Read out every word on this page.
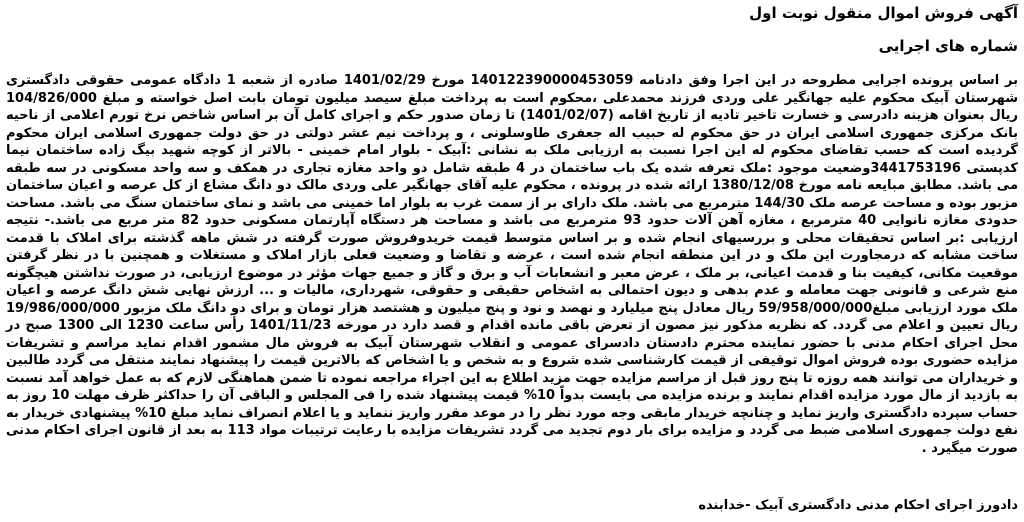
آگهی فروش اموال منقول نوبت اول
شماره های اجرایی

بر اساس پرونده اجرایی مطروحه در این اجرا وفق دادنامه 140122390000453059 مورخ 1401/02/29 صادره از شعبه 1 دادگاه عمومی حقوقی دادگستری شهرستان آبیک محکوم علیه جهانگیر علی وردی فرزند محمدعلی ،محکوم است به پرداخت مبلغ سیصد میلیون تومان بابت اصل خواسته و مبلغ 104/826/000 ریال بعنوان هزینه دادرسی و خسارت تاخیر تادیه از تاریخ اقامه (1401/02/07) تا زمان صدور حکم و اجرای کامل آن بر اساس شاخص نرخ تورم اعلامی از ناحیه بانک مرکزی جمهوری اسلامی ایران در حق محکوم له حبیب اله جعفری طاوسلونی ، و پرداخت نیم عشر دولتی در حق دولت جمهوری اسلامی ایران محکوم گردیده است که حسب تقاضای محکوم له این اجرا نسبت به ارزیابی ملک به نشانی :آبیک - بلوار امام خمینی - بالاتر از کوچه شهید بیگ زاده ساختمان نیما کدپستی 3441753196وضعیت موجود :ملک تعرفه شده یک باب ساختمان در 4 طبقه شامل دو واحد مغازه تجاری در همکف و سه واحد مسکونی در سه طبقه می باشد. مطابق مبایعه نامه مورخ 1380/12/08 ارائه شده در پرونده ، محکوم علیه آقای جهانگیر علی وردی مالک دو دانگ مشاع از کل عرصه و اعیان ساختمان مزبور بوده و مساحت عرصه ملک 144/30 مترمربع می باشد. ملک دارای بر از سمت غرب به بلوار اما خمینی می باشد و نمای ساختمان سنگ می باشد. مساحت حدودی مغازه نانوایی 40 مترمربع ، مغازه آهن آلات حدود 93 مترمربع می باشد و مساحت هر دستگاه آپارتمان مسکونی حدود 82 متر مربع می باشد.- نتیجه ارزیابی :بر اساس تحقیقات محلی و بررسیهای انجام شده و بر اساس متوسط قیمت خریدوفروش صورت گرفته در شش ماهه گذشته برای املاک با قدمت ساخت مشابه که درمجاورت این ملک و در این منطقه انجام شده است ، عرضه و تقاضا و وضعیت فعلی بازار املاک و مستغلات و همچنین با در نظر گرفتن موقعیت مکانی، کیفیت بنا و قدمت اعیانی، بر ملک ، عرض معبر و انشعابات آب و برق و گاز و جمیع جهات مؤثر در موضوع ارزیابی، در صورت نداشتن هیچگونه منع شرعی و قانونی جهت معامله و عدم بدهی و دیون احتمالی به اشخاص حقیقی و حقوقی، شهرداری، مالیات و ... ارزش نهایی شش دانگ عرصه و اعیان ملک مورد ارزیابی مبلغ59/958/000/000 ریال معادل پنج میلیارد و نهصد و نود و پنج میلیون و هشتصد هزار تومان و برای دو دانگ ملک مزبور 19/986/000/000 ریال تعیین و اعلام می گردد. که نظریه مذکور نیز مصون از تعرض باقی مانده اقدام و قصد دارد در مورخه 1401/11/23 رأس ساعت 1230 الی 1300 صبح در محل اجرای احکام مدنی با حضور نماینده محترم دادستان دادسرای عمومی و انقلاب شهرستان آبیک به فروش مال مشمور اقدام نماید مراسم و تشریفات مزایده حضوری بوده فروش اموال توقیفی از قیمت کارشناسی شده شروع و به شخص و یا اشخاص که بالاترین قیمت را پیشنهاد نمایند منتقل می گردد طالبین و خریداران می توانند همه روزه تا پنج روز قبل از مراسم مزایده جهت مزید اطلاع به این اجراء مراجعه نموده تا ضمن هماهنگی لازم که به عمل خواهد آمد نسبت به بازدید از مال مورد مزایده اقدام نمایند و برنده مزایده می بایست بدواً 10% قیمت پیشنهاد شده را فی المجلس و الباقی آن را حداکثر ظرف مهلت 10 روز به حساب سپرده دادگستری واریز نماید و چنانچه خریدار مابقی وجه مورد نظر را در موعد مقرر واریز ننماید و یا اعلام انصراف نماید مبلغ 10% پیشنهادی خریدار به نفع دولت جمهوری اسلامی ضبط می گردد و مزایده برای بار دوم تجدید می گردد تشریفات مزایده با رعایت ترتیبات مواد 113 به بعد از قانون اجرای احکام مدنی صورت میگیرد .

دادورز اجرای احکام مدنی دادگستری آبیک -خدابنده
